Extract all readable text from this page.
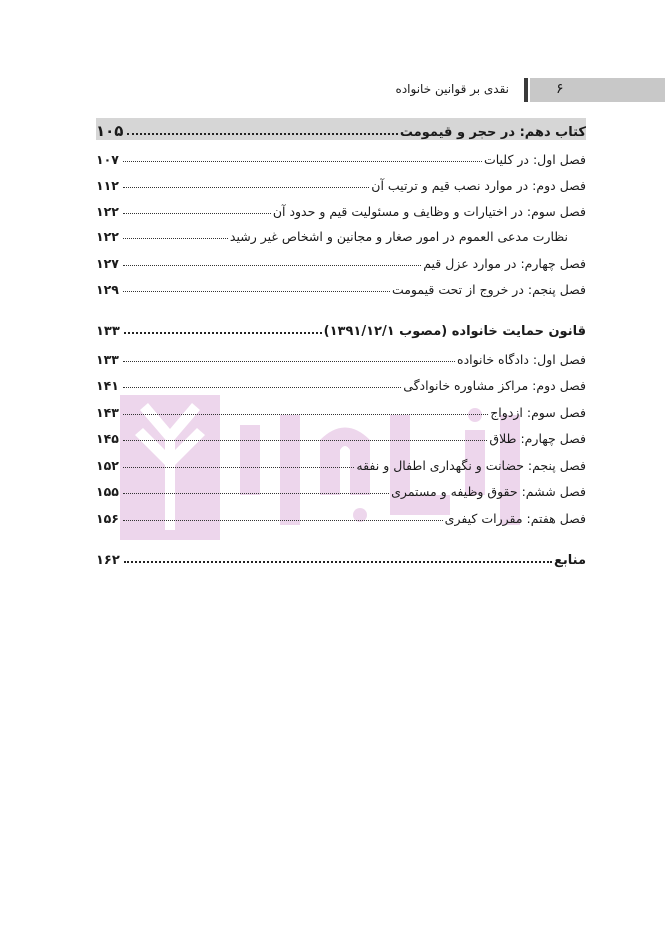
۶
نقدی بر قوانین خانواده
کتاب دهم: در حجر و قیمومت
۱۰۵
فصل اول: در کلیات
۱۰۷
فصل دوم: در موارد نصب قیم و ترتیب آن
۱۱۲
فصل سوم: در اختیارات و وظایف و مسئولیت قیم و حدود آن
۱۲۲
نظارت مدعی العموم در امور صغار و مجانین و اشخاص غیر رشید
۱۲۲
فصل چهارم: در موارد عزل قیم
۱۲۷
فصل پنجم: در خروج از تحت قیمومت
۱۲۹
قانون حمایت خانواده (مصوب ۱۳۹۱/۱۲/۱)
۱۳۳
فصل اول: دادگاه خانواده
۱۳۳
فصل دوم: مراکز مشاوره خانوادگی
۱۴۱
فصل سوم: ازدواج
۱۴۳
فصل چهارم: طلاق
۱۴۵
فصل پنجم: حضانت و نگهداری اطفال و نفقه
۱۵۲
فصل ششم: حقوق وظیفه و مستمری
۱۵۵
فصل هفتم: مقررات کیفری
۱۵۶
منابع
۱۶۲
